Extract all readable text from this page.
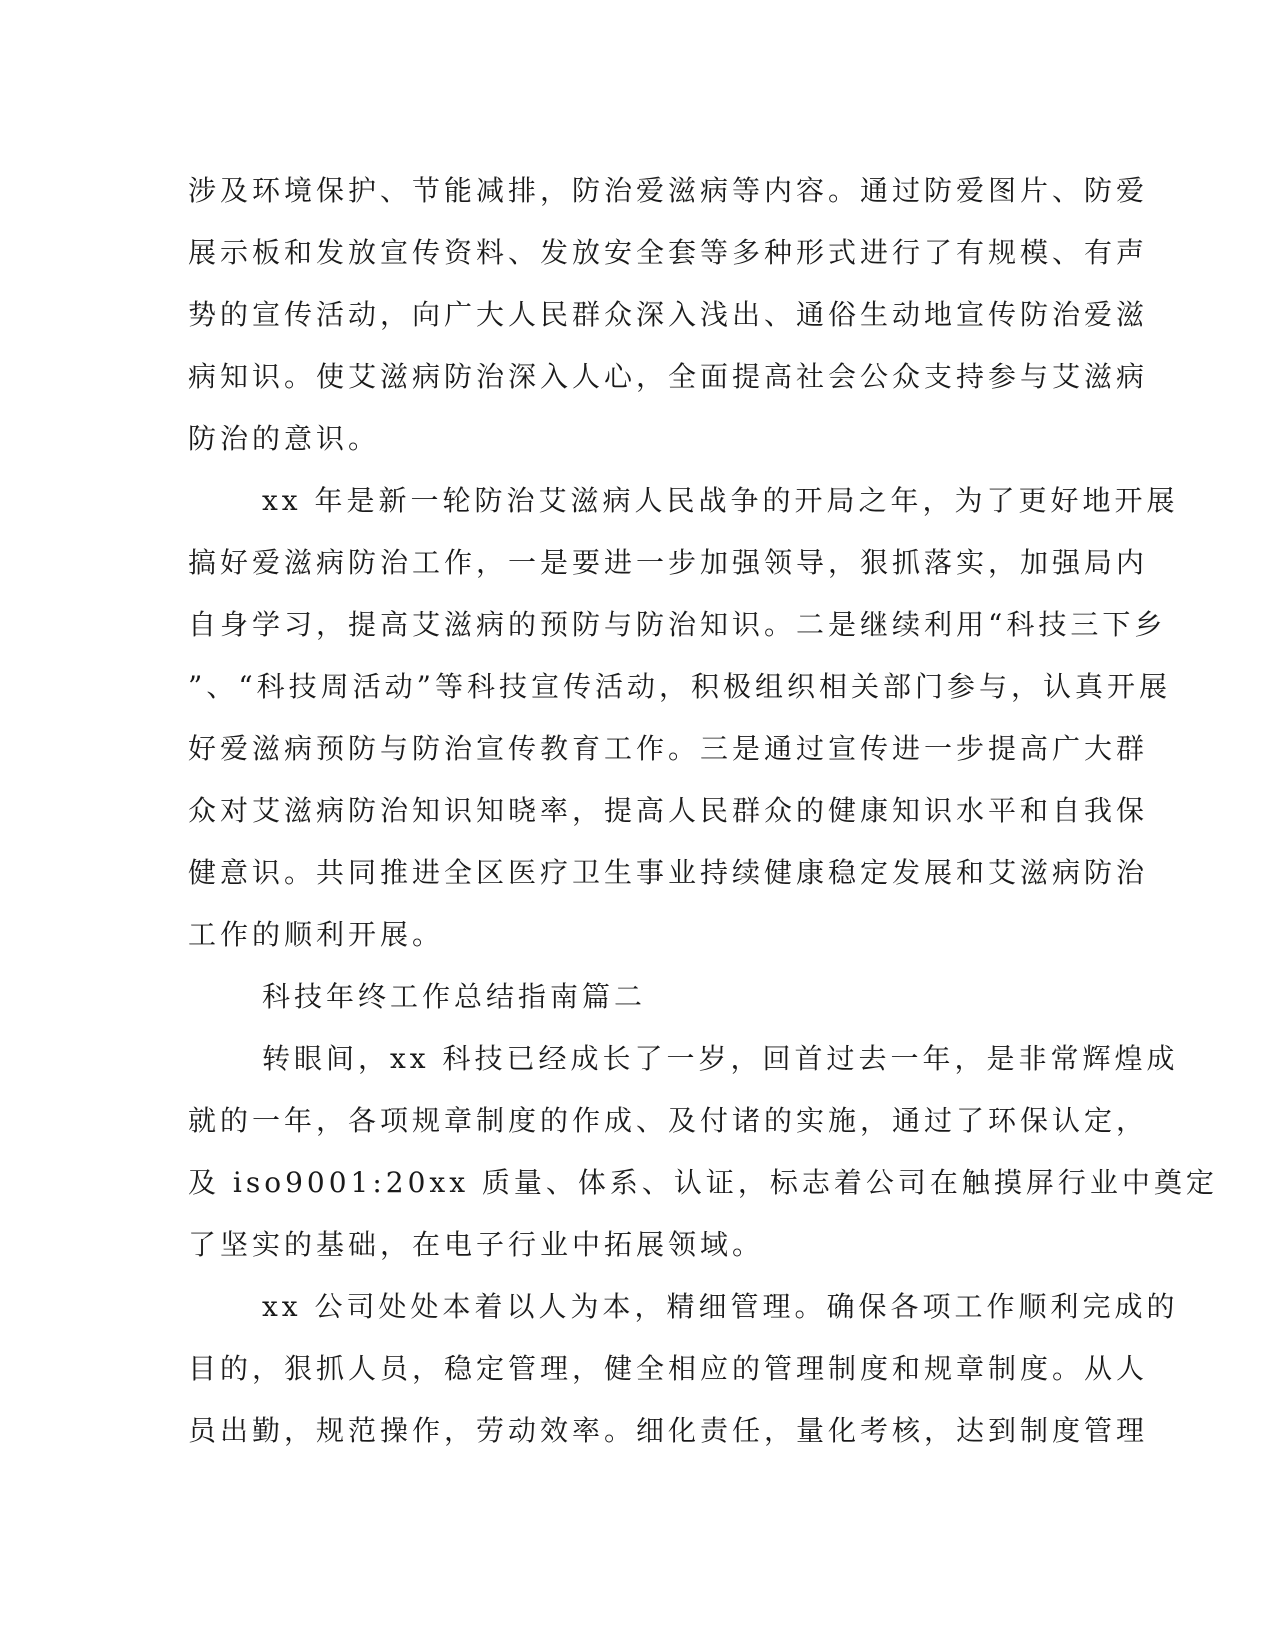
涉及环境保护、节能减排，防治爱滋病等内容。通过防爱图片、防爱
展示板和发放宣传资料、发放安全套等多种形式进行了有规模、有声
势的宣传活动，向广大人民群众深入浅出、通俗生动地宣传防治爱滋
病知识。使艾滋病防治深入人心，全面提高社会公众支持参与艾滋病
防治的意识。
xx 年是新一轮防治艾滋病人民战争的开局之年，为了更好地开展
搞好爱滋病防治工作，一是要进一步加强领导，狠抓落实，加强局内
自身学习，提高艾滋病的预防与防治知识。二是继续利用“科技三下乡
”、“科技周活动”等科技宣传活动，积极组织相关部门参与，认真开展
好爱滋病预防与防治宣传教育工作。三是通过宣传进一步提高广大群
众对艾滋病防治知识知晓率，提高人民群众的健康知识水平和自我保
健意识。共同推进全区医疗卫生事业持续健康稳定发展和艾滋病防治
工作的顺利开展。
科技年终工作总结指南篇二
转眼间，xx 科技已经成长了一岁，回首过去一年，是非常辉煌成
就的一年，各项规章制度的作成、及付诸的实施，通过了环保认定，
及 iso9001:20xx 质量、体系、认证，标志着公司在触摸屏行业中奠定
了坚实的基础，在电子行业中拓展领域。
xx 公司处处本着以人为本，精细管理。确保各项工作顺利完成的
目的，狠抓人员，稳定管理，健全相应的管理制度和规章制度。从人
员出勤，规范操作，劳动效率。细化责任，量化考核，达到制度管理
